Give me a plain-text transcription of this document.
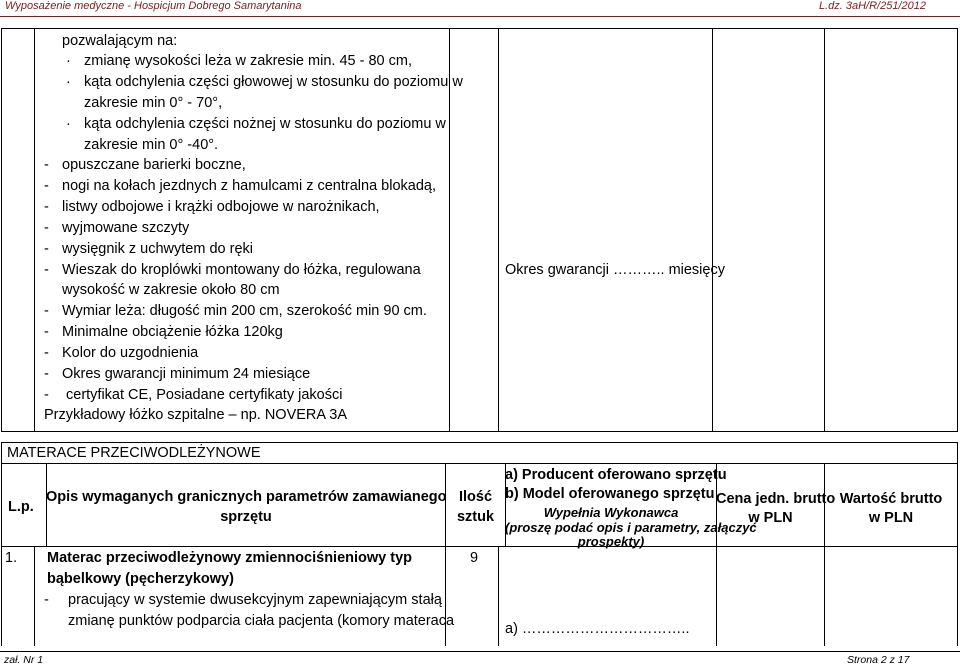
Wyposażenie medyczne - Hospicjum Dobrego Samarytanina	L.dz. 3aH/R/251/2012
pozwalającym na:
· zmianę wysokości leża w zakresie min. 45 - 80 cm,
· kąta odchylenia części głowowej w stosunku do poziomu w
zakresie min 0° - 70°,
· kąta odchylenia części nożnej w stosunku do poziomu w
zakresie min 0° -40°.
- opuszczane barierki boczne,
- nogi na kołach jezdnych z hamulcami z centralna blokadą,
- listwy odbojowe i krążki odbojowe w narożnikach,
- wyjmowane szczyty
- wysięgnik z uchwytem do ręki
- Wieszak do kroplówki montowany do łóżka, regulowana
wysokość w zakresie około 80 cm
- Wymiar leża: długość min 200 cm, szerokość min 90 cm.
- Minimalne obciążenie łóżka 120kg
- Kolor do uzgodnienia
- Okres gwarancji minimum 24 miesiące
- certyfikat CE, Posiadane certyfikaty jakości
Przykładowy łóżko szpitalne – np. NOVERA 3A
Okres gwarancji ……….. miesięcy
MATERACE PRZECIWODLEŻYNOWE
L.p.
Opis wymaganych granicznych parametrów zamawianego
sprzętu
Ilość
sztuk
a) Producent oferowano sprzętu
b) Model oferowanego sprzętu
Wypełnia Wykonawca
(proszę podać opis i parametry, załączyć
prospekty)
Cena jedn. brutto
w PLN
Wartość brutto
w PLN
1. Materac przeciwodleżynowy zmiennociśnieniowy typ
bąbelkowy (pęcherzykowy)
- pracujący w systemie dwusekcyjnym zapewniającym stałą
zmianę punktów podparcia ciała pacjenta (komory materaca
9
a) ……………………………..
zał. Nr 1	Strona 2 z 17
